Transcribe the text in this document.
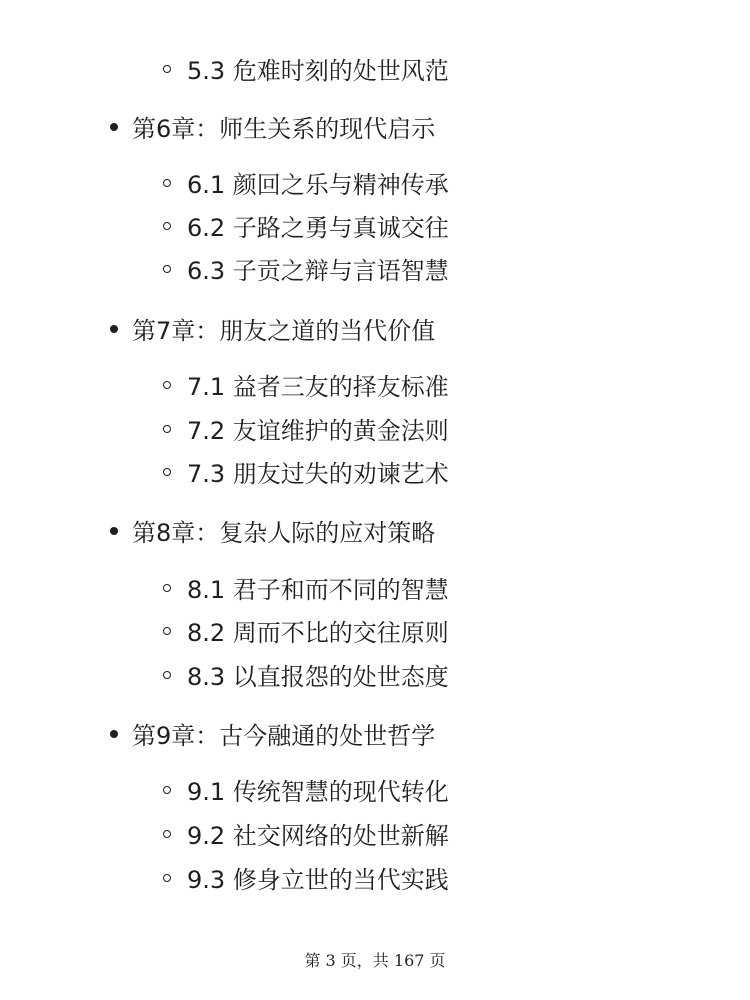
5.3 危难时刻的处世风范
第6章：师生关系的现代启示
6.1 颜回之乐与精神传承
6.2 子路之勇与真诚交往
6.3 子贡之辩与言语智慧
第7章：朋友之道的当代价值
7.1 益者三友的择友标准
7.2 友谊维护的黄金法则
7.3 朋友过失的劝谏艺术
第8章：复杂人际的应对策略
8.1 君子和而不同的智慧
8.2 周而不比的交往原则
8.3 以直报怨的处世态度
第9章：古今融通的处世哲学
9.1 传统智慧的现代转化
9.2 社交网络的处世新解
9.3 修身立世的当代实践
第 3 页，共 167 页
